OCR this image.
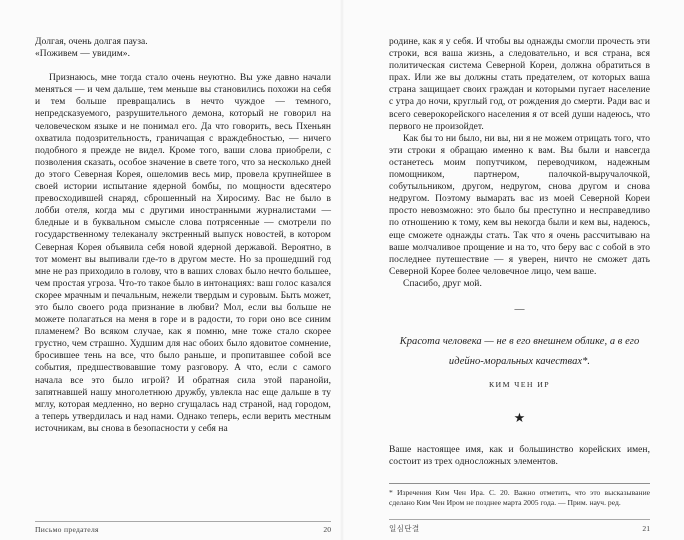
Долгая, очень долгая пауза.

«Поживем — увидим».

Признаюсь, мне тогда стало очень неуютно. Вы уже давно начали меняться — и чем дальше, тем меньше вы становились похожи на себя и тем больше превращались в нечто чуждое — темного, непредсказуемого, разрушительного демона, который не говорил на человеческом языке и не понимал его. Да что говорить, весь Пхеньян охватила подозрительность, граничащая с враждебностью, — ничего подобного я прежде не видел. Кроме того, ваши слова приобрели, с позволения сказать, особое значение в свете того, что за несколько дней до этого Северная Корея, ошеломив весь мир, провела крупнейшее в своей истории испытание ядерной бомбы, по мощности вдесятеро превосходившей снаряд, сброшенный на Хиросиму. Вас не было в лобби отеля, когда мы с другими иностранными журналистами — бледные и в буквальном смысле слова потрясенные — смотрели по государственному телеканалу экстренный выпуск новостей, в котором Северная Корея объявила себя новой ядерной державой. Вероятно, в тот момент вы выпивали где-то в другом месте. Но за прошедший год мне не раз приходило в голову, что в ваших словах было нечто большее, чем простая угроза. Что-то такое было в интонациях: ваш голос казался скорее мрачным и печальным, нежели твердым и суровым. Быть может, это было своего рода признание в любви? Мол, если вы больше не можете полагаться на меня в горе и в радости, то гори оно все синим пламенем? Во всяком случае, как я помню, мне тоже стало скорее грустно, чем страшно. Худшим для нас обоих было ядовитое сомнение, бросившее тень на все, что было раньше, и пропитавшее собой все события, предшествовавшие тому разговору. А что, если с самого начала все это было игрой? И обратная сила этой паранойи, запятнавшей нашу многолетнюю дружбу, увлекла нас еще дальше в ту мглу, которая медленно, но верно сгущалась над страной, над городом, а теперь утвердилась и над нами. Однако теперь, если верить местным источникам, вы снова в безопасности у себя на

Письмо предателя	20

родине, как я у себя. И чтобы вы однажды смогли прочесть эти строки, вся ваша жизнь, а следовательно, и вся страна, вся политическая система Северной Кореи, должна обратиться в прах. Или же вы должны стать предателем, от которых ваша страна защищает своих граждан и которыми пугает население с утра до ночи, круглый год, от рождения до смерти. Ради вас и всего северокорейского населения я от всей души надеюсь, что первого не произойдет.

Как бы то ни было, ни вы, ни я не можем отрицать того, что эти строки я обращаю именно к вам. Вы были и навсегда останетесь моим попутчиком, переводчиком, надежным помощником, партнером, палочкой-выручалочкой, собутыльником, другом, недругом, снова другом и снова недругом. Поэтому вымарать вас из моей Северной Кореи просто невозможно: это было бы преступно и несправедливо по отношению к тому, кем вы некогда были и кем вы, надеюсь, еще сможете однажды стать. Так что я очень рассчитываю на ваше молчаливое прощение и на то, что беру вас с собой в это последнее путешествие — я уверен, ничто не сможет дать Северной Корее более человечное лицо, чем ваше.

Спасибо, друг мой.

—
Красота человека — не в его внешнем облике, а в его идейно-моральных качествах*.
КИМ ЧЕН ИР
★

Ваше настоящее имя, как и большинство корейских имен, состоит из трех односложных элементов.

* Изречения Ким Чен Ира. С. 20. Важно отметить, что это высказывание сделано Ким Чен Иром не позднее марта 2005 года. — Прим. науч. ред.

일심단결	21
